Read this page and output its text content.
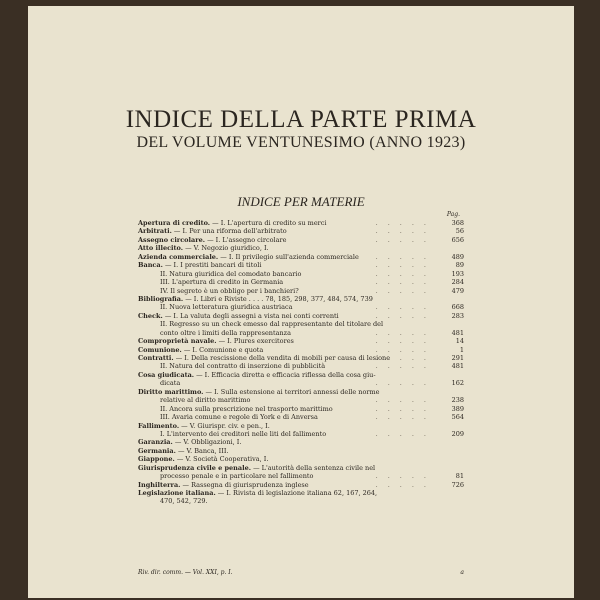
INDICE DELLA PARTE PRIMA
DEL VOLUME VENTUNESIMO (ANNO 1923)
INDICE PER MATERIE
Pag.
Apertura di credito. — I. L'apertura di credito su merci	..... 368
Arbitrati. — I. Per una riforma dell'arbitrato	.....	56
Assegno circolare. — I. L'assegno circolare	..... 656
Atto illecito. — V. Negozio giuridico, I.
Azienda commerciale. — I. Il privilegio sull'azienda commerciale	..... 489
Banca. — I. I prestiti bancari di titoli	.....	89
II. Natura giuridica del comodato bancario	..... 193
III. L'apertura di credito in Germania	..... 284
IV. Il segreto è un obbligo per i banchieri?	..... 479
Bibliografia. — I. Libri e Riviste . . . . 78, 185, 298, 377, 484, 574, 739
II. Nuova letteratura giuridica austriaca	..... 668
Check. — I. La valuta degli assegni a vista nei conti correnti	..... 283
II. Regresso su un check emesso dal rappresentante del titolare del
conto oltre i limiti della rappresentanza	..... 481
Comproprietà navale. — I. Plures exercitores	.....	14
Comunione. — I. Comunione e quota	.....	1
Contratti. — I. Della rescissione della vendita di mobili per causa di lesione
..... 291
II. Natura del contratto di inserzione di pubblicità	..... 481
Cosa giudicata. — I. Efficacia diretta e efficacia riflessa della cosa giu-
dicata	..... 162
Diritto marittimo. — I. Sulla estensione ai territori annessi delle norme
relative al diritto marittimo	..... 238
II. Ancora sulla prescrizione nel trasporto marittimo	..... 389
III. Avaria comune e regole di York e di Anversa	..... 564
Fallimento. — V. Giurispr. civ. e pen., I.
I. L'intervento dei creditori nelle liti del fallimento	..... 209
Garanzia. — V. Obbligazioni, I.
Germania. — V. Banca, III.
Giappone. — V. Società Cooperativa, I.
Giurisprudenza civile e penale. — L'autorità della sentenza civile nel
processo penale e in particolare nel fallimento	.....	81
Inghilterra. — Rassegna di giurisprudenza inglese	..... 726
Legislazione italiana. — I. Rivista di legislazione italiana 62, 167, 264,
470, 542, 729.
Riv. dir. comm. — Vol. XXI, p. I.	a
